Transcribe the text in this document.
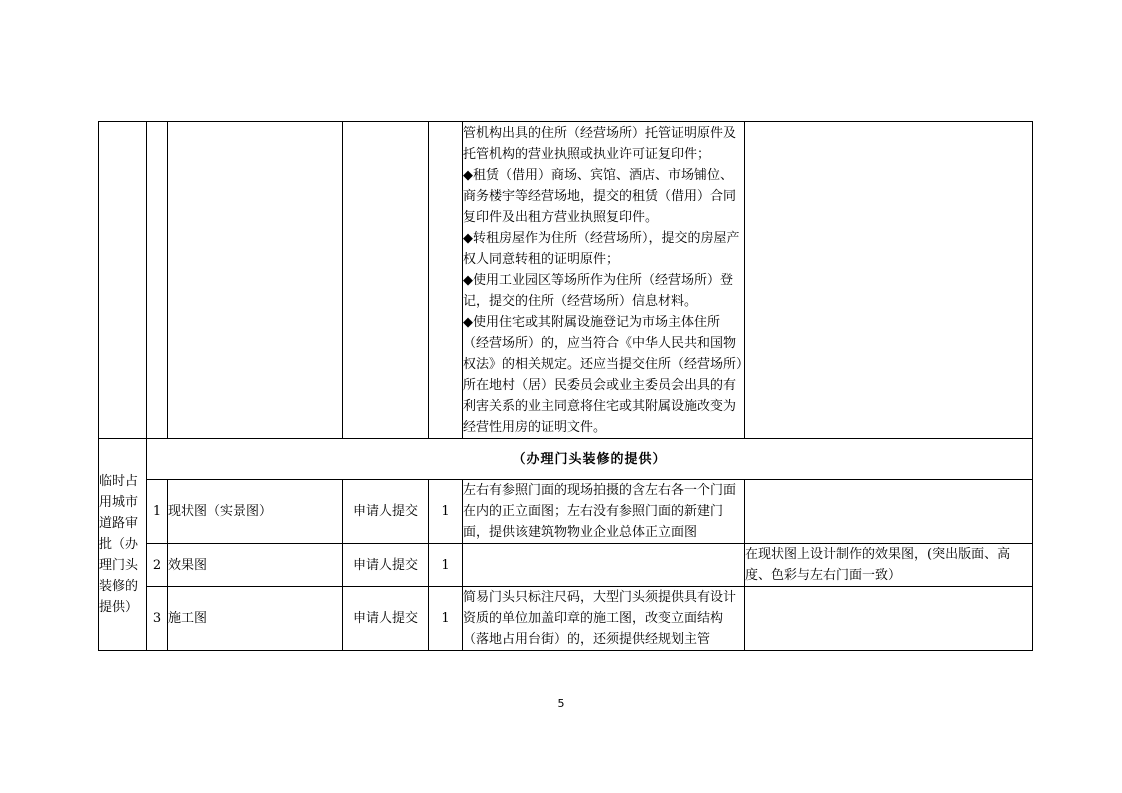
					管机构出具的住所（经营场所）托管证明原件及托管机构的营业执照或执业许可证复印件；

◆租赁（借用）商场、宾馆、酒店、市场铺位、商务楼宇等经营场地，提交的租赁（借用）合同复印件及出租方营业执照复印件。

◆转租房屋作为住所（经营场所），提交的房屋产权人同意转租的证明原件；

◆使用工业园区等场所作为住所（经营场所）登记，提交的住所（经营场所）信息材料。

◆使用住宅或其附属设施登记为市场主体住所（经营场所）的，应当符合《中华人民共和国物权法》的相关规定。还应当提交住所（经营场所）所在地村（居）民委员会或业主委员会出具的有利害关系的业主同意将住宅或其附属设施改变为经营性用房的证明文件。	

临时占用城市道路审批（办理门头装修的提供）	（办理门头装修的提供）					
	1	现状图（实景图）	申请人提交	1	左右有参照门面的现场拍摄的含左右各一个门面在内的正立面图；左右没有参照门面的新建门面，提供该建筑物物业企业总体正立面图	
	2	效果图	申请人提交	1		在现状图上设计制作的效果图，(突出版面、高度、色彩与左右门面一致）
	3	施工图	申请人提交	1	简易门头只标注尺码，大型门头须提供具有设计资质的单位加盖印章的施工图，改变立面结构（落地占用台街）的，还须提供经规划主管	
5
